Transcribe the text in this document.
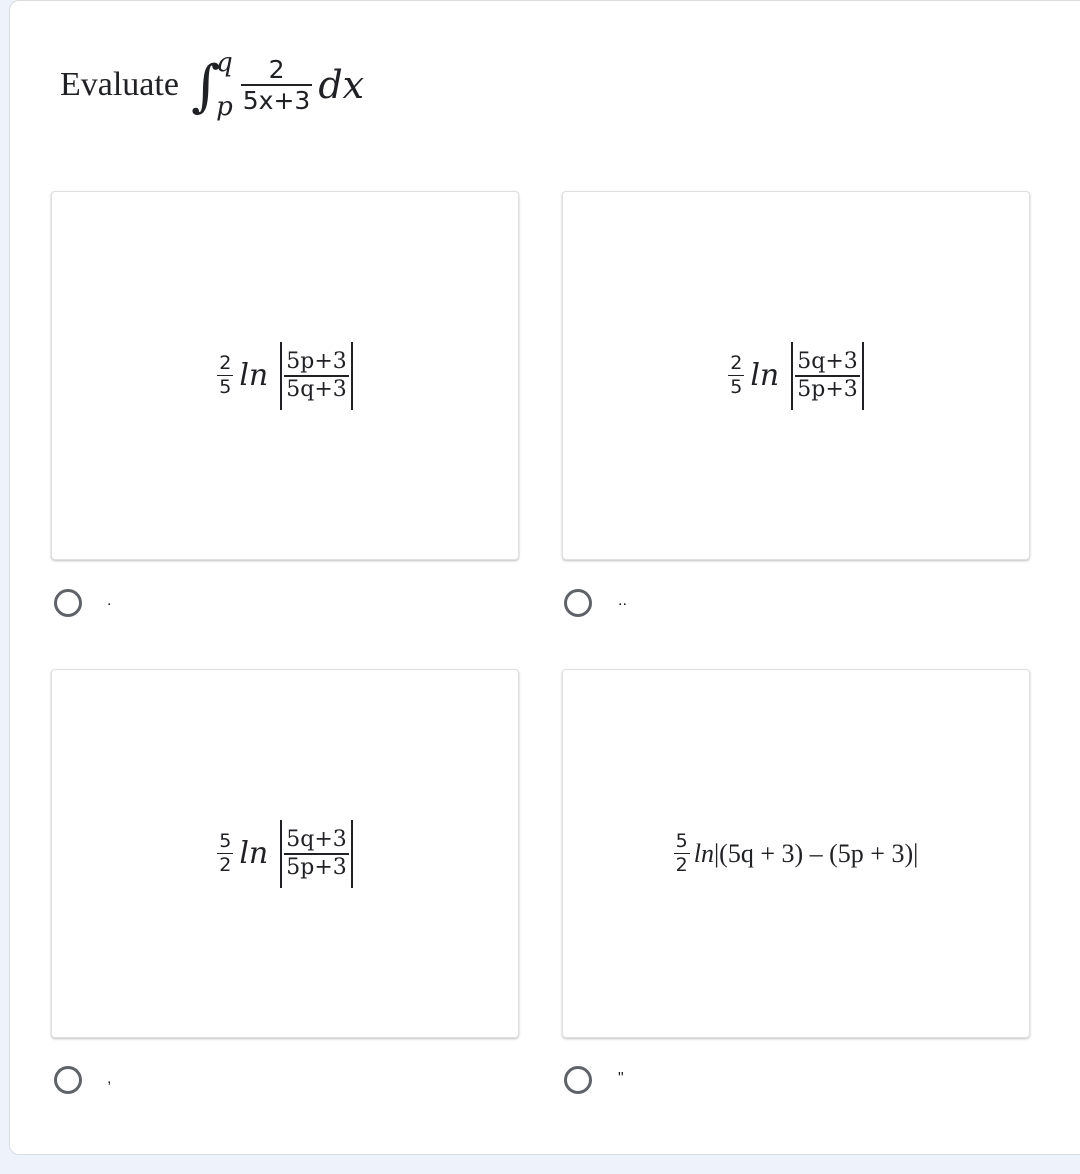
Evaluate ∫
q
p $\frac{2}{5x+3}$ dx
$\frac{2}{5}$ $\ln \frac{5p+3}{5q+3}$
.
$\frac{2}{5}$ $\ln \frac{5q+3}{5p+3}$
..
$\frac{5}{2}$ $\ln \frac{5q+3}{5p+3}$
,
$\frac{5}{2}$ ln |(5q + 3) – (5p + 3)|
"
